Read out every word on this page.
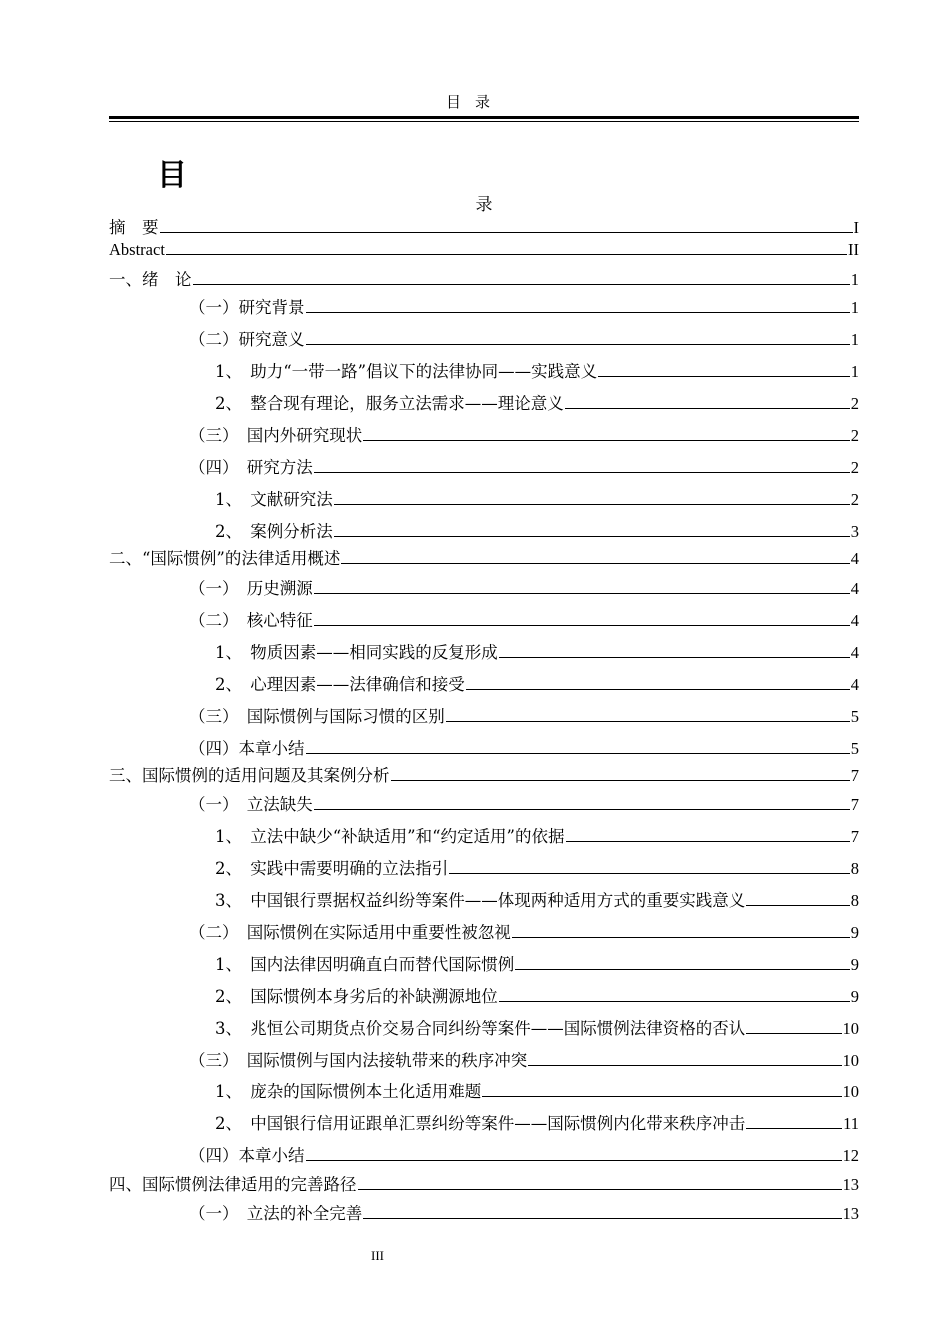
目录
目
录
摘　要	I
Abstract	II
一、绪　论	1
（一）研究背景	1
（二）研究意义	1
1、　助力“一带一路”倡议下的法律协同——实践意义	1
2、　整合现有理论，服务立法需求——理论意义	2
（三）　国内外研究现状	2
（四）　研究方法	2
1、　文献研究法	2
2、　案例分析法	3
二、“国际惯例”的法律适用概述	4
（一）　历史溯源	4
（二）　核心特征	4
1、　物质因素——相同实践的反复形成	4
2、　心理因素——法律确信和接受	4
（三）　国际惯例与国际习惯的区别	5
（四）本章小结	5
三、国际惯例的适用问题及其案例分析	7
（一）　立法缺失	7
1、　立法中缺少“补缺适用”和“约定适用”的依据	7
2、　实践中需要明确的立法指引	8
3、　中国银行票据权益纠纷等案件——体现两种适用方式的重要实践意义	8
（二）　国际惯例在实际适用中重要性被忽视	9
1、　国内法律因明确直白而替代国际惯例	9
2、　国际惯例本身劣后的补缺溯源地位	9
3、　兆恒公司期货点价交易合同纠纷等案件——国际惯例法律资格的否认	10
（三）　国际惯例与国内法接轨带来的秩序冲突	10
1、　庞杂的国际惯例本土化适用难题	10
2、　中国银行信用证跟单汇票纠纷等案件——国际惯例内化带来秩序冲击	11
（四）本章小结	12
四、国际惯例法律适用的完善路径	13
（一）　立法的补全完善	13
III
